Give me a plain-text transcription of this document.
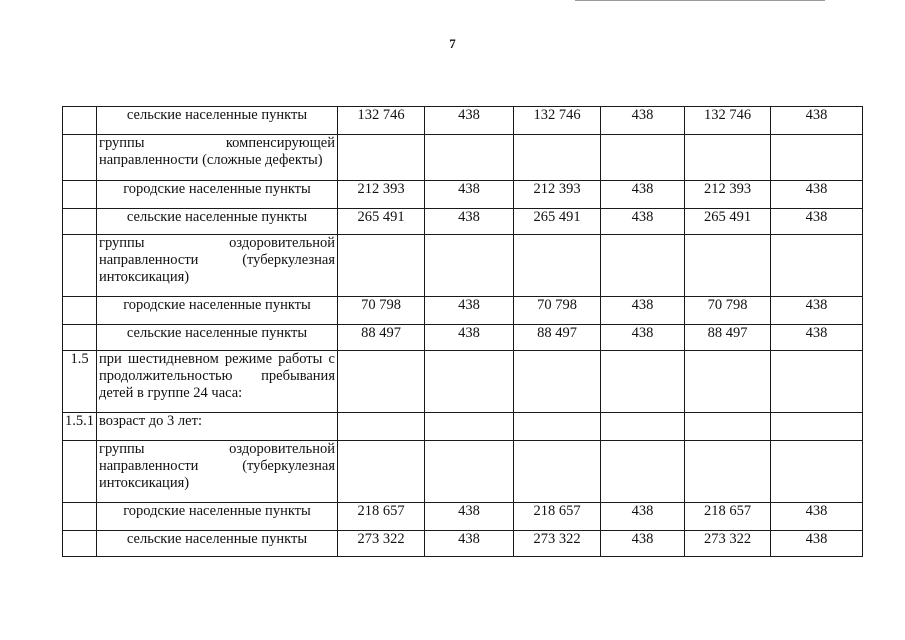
7
	сельские населенные пункты	132 746	438	132 746	438	132 746	438
	группы компенсирующей направленности (сложные дефекты)						
	городские населенные пункты	212 393	438	212 393	438	212 393	438
	сельские населенные пункты	265 491	438	265 491	438	265 491	438
	группы оздоровительной направленности (туберкулезная интоксикация)						
	городские населенные пункты	70 798	438	70 798	438	70 798	438
	сельские населенные пункты	88 497	438	88 497	438	88 497	438
1.5	при шестидневном режиме работы с продолжительностью пребывания детей в группе 24 часа:						
1.5.1	возраст до 3 лет:						
	группы оздоровительной направленности (туберкулезная интоксикация)						
	городские населенные пункты	218 657	438	218 657	438	218 657	438
	сельские населенные пункты	273 322	438	273 322	438	273 322	438
